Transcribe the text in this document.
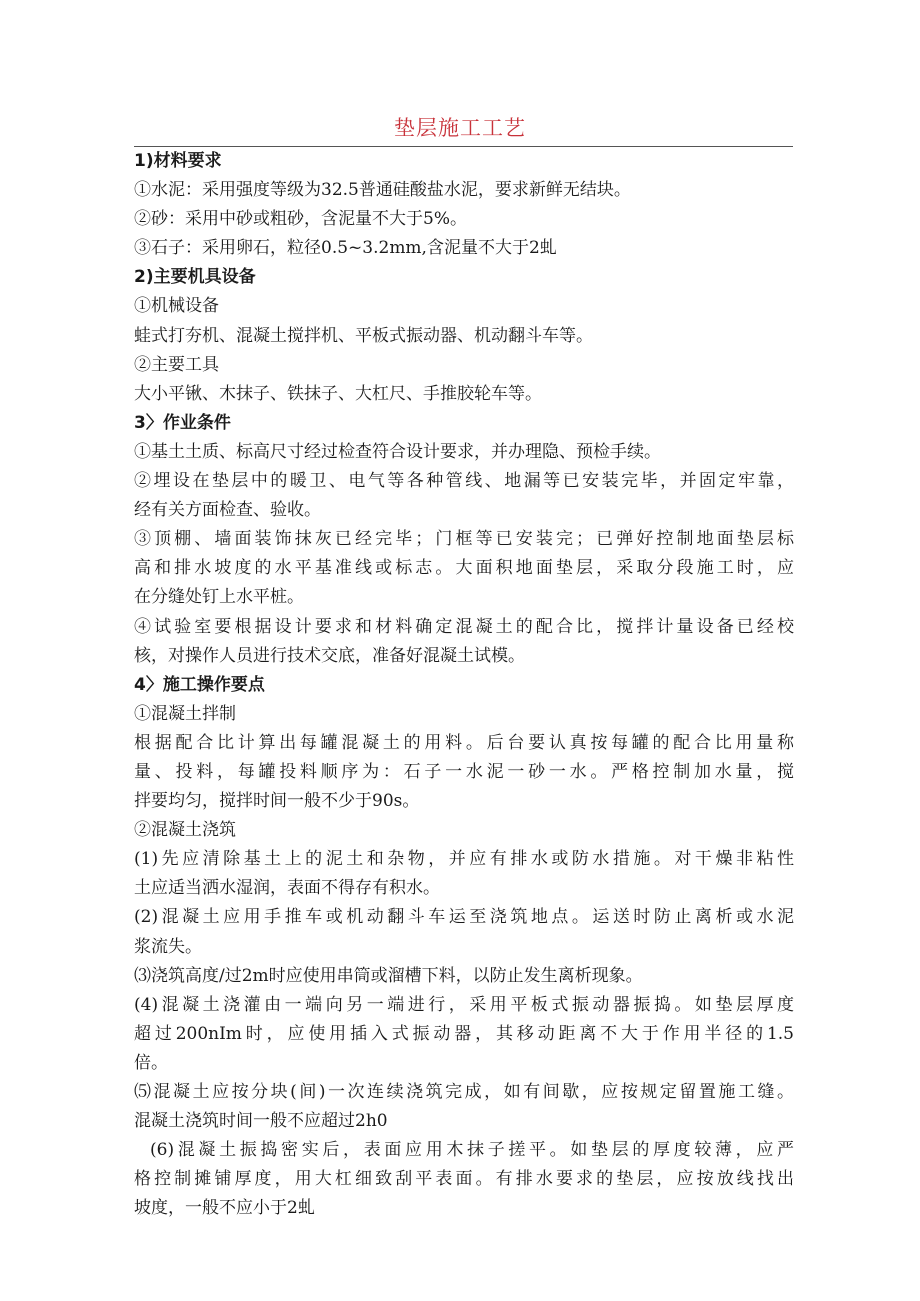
垫层施工工艺
1)材料要求
①水泥：采用强度等级为32.5普通硅酸盐水泥，要求新鲜无结块。
②砂：采用中砂或粗砂，含泥量不大于5%。
③石子：采用卵石，粒径0.5~3.2mm,含泥量不大于2虬
2)主要机具设备
①机械设备
蛙式打夯机、混凝土搅拌机、平板式振动器、机动翻斗车等。
②主要工具
大小平锹、木抹子、铁抹子、大杠尺、手推胶轮车等。
3〉作业条件
①基土土质、标高尺寸经过检查符合设计要求，并办理隐、预检手续。
②埋设在垫层中的暖卫、电气等各种管线、地漏等已安装完毕，并固定牢靠，
经有关方面检查、验收。
③顶棚、墙面装饰抹灰已经完毕；门框等已安装完；已弹好控制地面垫层标
高和排水坡度的水平基准线或标志。大面积地面垫层，采取分段施工时，应
在分缝处钉上水平桩。
④试验室要根据设计要求和材料确定混凝土的配合比，搅拌计量设备已经校
核，对操作人员进行技术交底，准备好混凝土试模。
4〉施工操作要点
①混凝土拌制
根据配合比计算出每罐混凝土的用料。后台要认真按每罐的配合比用量称
量、投料，每罐投料顺序为：石子一水泥一砂一水。严格控制加水量，搅
拌要均匀，搅拌时间一般不少于90s。
②混凝土浇筑
(1)先应清除基土上的泥土和杂物，并应有排水或防水措施。对干燥非粘性
土应适当洒水湿润，表面不得存有积水。
(2)混凝土应用手推车或机动翻斗车运至浇筑地点。运送时防止离析或水泥
浆流失。
⑶浇筑高度/过2m时应使用串筒或溜槽下料，以防止发生离析现象。
(4)混凝土浇灌由一端向另一端进行，采用平板式振动器振捣。如垫层厚度
超过200nIm时，应使用插入式振动器，其移动距离不大于作用半径的1.5
倍。
⑸混凝土应按分块(间)一次连续浇筑完成，如有间歇，应按规定留置施工缝。
混凝土浇筑时间一般不应超过2h0
(6)混凝土振捣密实后，表面应用木抹子搓平。如垫层的厚度较薄，应严
格控制摊铺厚度，用大杠细致刮平表面。有排水要求的垫层，应按放线找出
坡度，一般不应小于2虬
